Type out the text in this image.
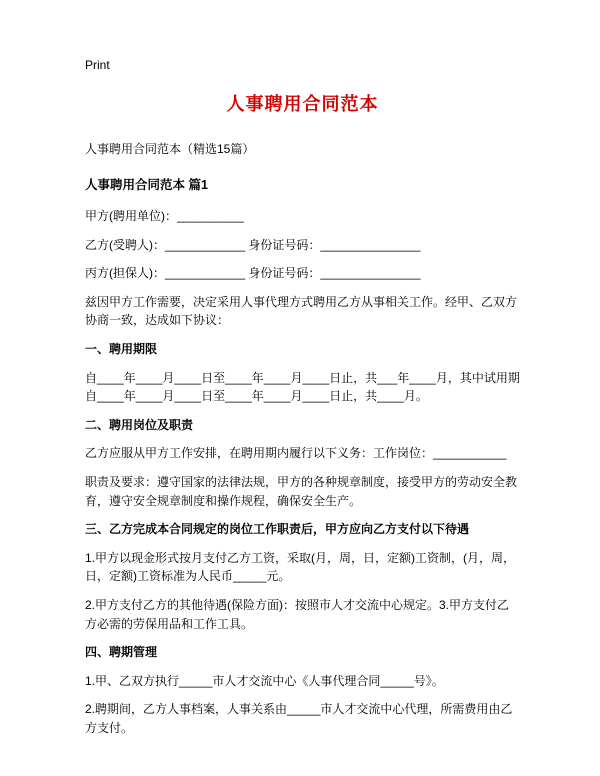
Print
人事聘用合同范本
人事聘用合同范本（精选15篇）
人事聘用合同范本 篇1

甲方(聘用单位)：__________

乙方(受聘人)：____________ 身份证号码：_______________

丙方(担保人)：____________ 身份证号码：_______________

兹因甲方工作需要，决定采用人事代理方式聘用乙方从事相关工作。经甲、乙双方协商一致，达成如下协议：

一、聘用期限

自____年____月____日至____年____月____日止，共___年____月，其中试用期自____年____月____日至____年____月____日止，共____月。

二、聘用岗位及职责

乙方应服从甲方工作安排，在聘用期内履行以下义务：工作岗位：___________

职责及要求：遵守国家的法律法规，甲方的各种规章制度，接受甲方的劳动安全教育，遵守安全规章制度和操作规程，确保安全生产。

三、乙方完成本合同规定的岗位工作职责后，甲方应向乙方支付以下待遇

1.甲方以现金形式按月支付乙方工资，采取(月，周，日，定额)工资制，(月，周，日，定额)工资标准为人民币_____元。

2.甲方支付乙方的其他待遇(保险方面)：按照市人才交流中心规定。3.甲方支付乙方必需的劳保用品和工作工具。

四、聘期管理

1.甲、乙双方执行_____市人才交流中心《人事代理合同_____号》。

2.聘期间，乙方人事档案，人事关系由_____市人才交流中心代理，所需费用由乙方支付。
